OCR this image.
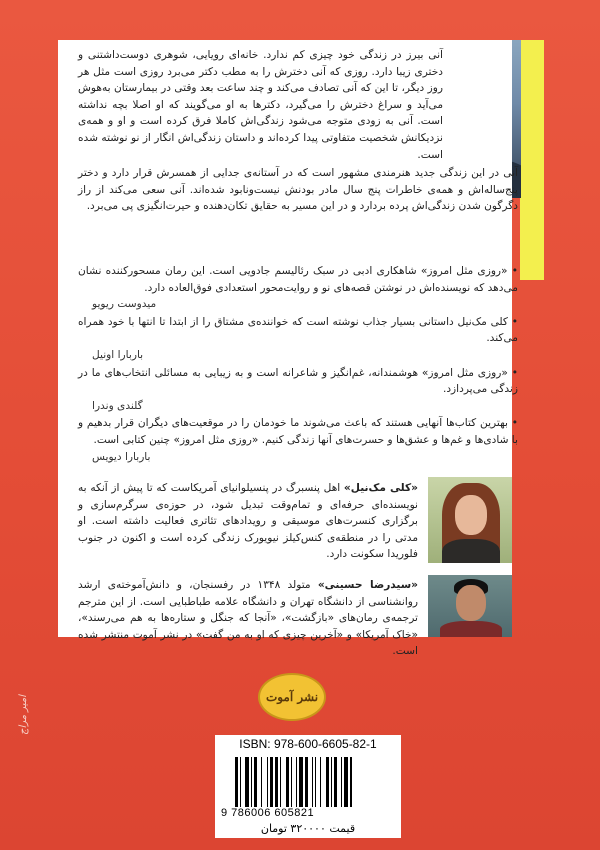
آنی بیرز در زندگی خود چیزی کم ندارد. خانه‌ای رویایی، شوهری دوست‌داشتنی و دختری زیبا دارد. روزی که آنی دخترش را به مطب دکتر می‌برد روزی است مثل هر روز دیگر، تا این که آنی تصادف می‌کند و چند ساعت بعد وقتی در بیمارستان به‌هوش می‌آید و سراغ دخترش را می‌گیرد، دکترها به او می‌گویند که او اصلا بچه نداشته است. آنی به زودی متوجه می‌شود زندگی‌اش کاملا فرق کرده است و او و همه‌ی نزدیکانش شخصیت متفاوتی پیدا کرده‌اند و داستان زندگی‌اش انگار از نو نوشته شده است.
آنی در این زندگی جدید هنرمندی مشهور است که در آستانه‌ی جدایی از همسرش قرار دارد و دختر پنج‌ساله‌اش و همه‌ی خاطرات پنج سال مادر بودنش نیست‌ونابود شده‌اند. آنی سعی می‌کند از راز دگرگون شدن زندگی‌اش پرده بردارد و در این مسیر به حقایق تکان‌دهنده و حیرت‌انگیزی پی می‌برد.
• «روزی مثل امروز» شاهکاری ادبی در سبک رئالیسم جادویی است. این رمان مسحورکننده نشان می‌دهد که نویسنده‌اش در نوشتن قصه‌های نو و روایت‌محور استعدادی فوق‌العاده دارد.
میدوست ریویو
• کلی مک‌نیل داستانی بسیار جذاب نوشته است که خواننده‌ی مشتاق را از ابتدا تا انتها با خود همراه می‌کند.
باربارا اونیل
• «روزی مثل امروز» هوشمندانه، غم‌انگیز و شاعرانه است و به زیبایی به مسائلی انتخاب‌های ما در زندگی می‌پردازد.
گلندی وندرا
• بهترین کتاب‌ها آنهایی هستند که باعث می‌شوند ما خودمان را در موقعیت‌های دیگران قرار بدهیم و با شادی‌ها و غم‌ها و عشق‌ها و حسرت‌های آنها زندگی کنیم. «روزی مثل امروز» چنین کتابی است.
باربارا دیویس
«کلی مک‌نیل» اهل پنسبرگ در پنسیلوانیای آمریکاست که تا پیش از آنکه به نویسنده‌ای حرفه‌ای و تمام‌وقت تبدیل شود، در حوزه‌ی سرگرم‌سازی و برگزاری کنسرت‌های موسیقی و رویدادهای تئاتری فعالیت داشته است. او مدتی را در منطقه‌ی کنس‌کیلز نیویورک زندگی کرده است و اکنون در جنوب فلوریدا سکونت دارد.
«سیدرضا حسینی» متولد ۱۳۴۸ در رفسنجان، و دانش‌آموخته‌ی ارشد روانشناسی از دانشگاه تهران و دانشگاه علامه طباطبایی است. از این مترجم ترجمه‌ی رمان‌های «بازگشت»، «آنجا که جنگل و ستاره‌ها به هم می‌رسند»، «خاک آمریکا» و «آخرین چیزی که او به من گفت» در نشر آموت منتشر شده است.
نشر آموت
ISBN: 978-600-6605-82-1
9 786006 605821
قیمت ۳۲۰۰۰۰ تومان
امیر مراج
